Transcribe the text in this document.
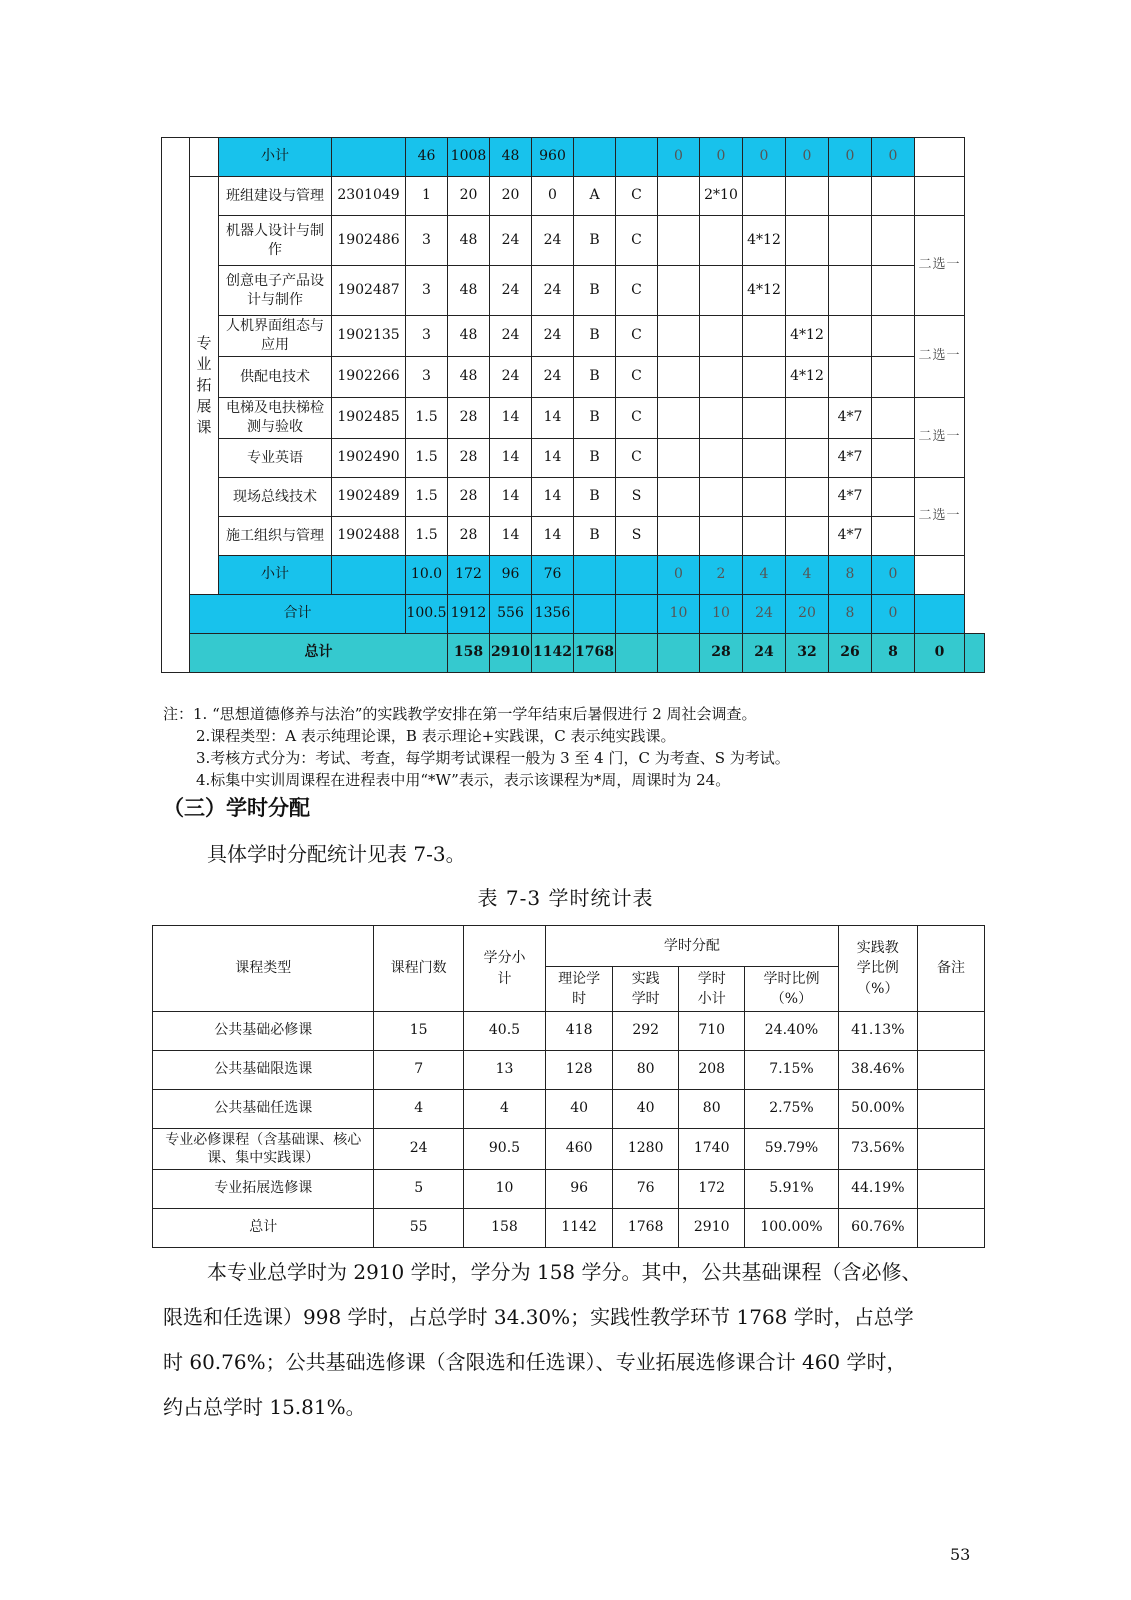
		小计		46	1008	48	960			0	0	0	0	0	0		

	专业拓展课	班组建设与管理	2301049	1	20	20	0	A	C		2*10						
		机器人设计与制作	1902486	3	48	24	24	B	C			4*12				二选一	
		创意电子产品设计与制作	1902487	3	48	24	24	B	C			4*12					
		人机界面组态与应用	1902135	3	48	24	24	B	C				4*12			二选一	
		供配电技术	1902266	3	48	24	24	B	C				4*12				
		电梯及电扶梯检测与验收	1902485	1.5	28	14	14	B	C					4*7		二选一	
		专业英语	1902490	1.5	28	14	14	B	C					4*7			
		现场总线技术	1902489	1.5	28	14	14	B	S					4*7		二选一	
		施工组织与管理	1902488	1.5	28	14	14	B	S					4*7			
		小计		10.0	172	96	76			0	2	4	4	8	0		
	合计			100.5	1912	556	1356			10	10	24	20	8	0		
	总计				158	2910	1142	1768			28	24	32	26	8	0	
注：1. “思想道德修养与法治”的实践教学安排在第一学年结束后暑假进行 2 周社会调查。
2.课程类型：A 表示纯理论课，B 表示理论+实践课，C 表示纯实践课。
3.考核方式分为：考试、考查，每学期考试课程一般为 3 至 4 门，C 为考查、S 为考试。
4.标集中实训周课程在进程表中用“*W”表示，表示该课程为*周，周课时为 24。
（三）学时分配
具体学时分配统计见表 7-3。
表 7-3 学时统计表
课程类型	课程门数	学分小计	学时分配				实践教学比例（%）	备注

			理论学时	实践学时	学时小计	学时比例（%）		

公共基础必修课	15	40.5	418	292	710	24.40%	41.13%	
公共基础限选课	7	13	128	80	208	7.15%	38.46%	
公共基础任选课	4	4	40	40	80	2.75%	50.00%	

专业必修课程（含基础课、核心课、集中实践课）	24	90.5	460	1280	1740	59.79%	73.56%	
专业拓展选修课	5	10	96	76	172	5.91%	44.19%	
总计	55	158	1142	1768	2910	100.00%	60.76%	
本专业总学时为 2910 学时，学分为 158 学分。其中，公共基础课程（含必修、
限选和任选课）998 学时，占总学时 34.30%；实践性教学环节 1768 学时，占总学
时 60.76%；公共基础选修课（含限选和任选课）、专业拓展选修课合计 460 学时，
约占总学时 15.81%。
53
